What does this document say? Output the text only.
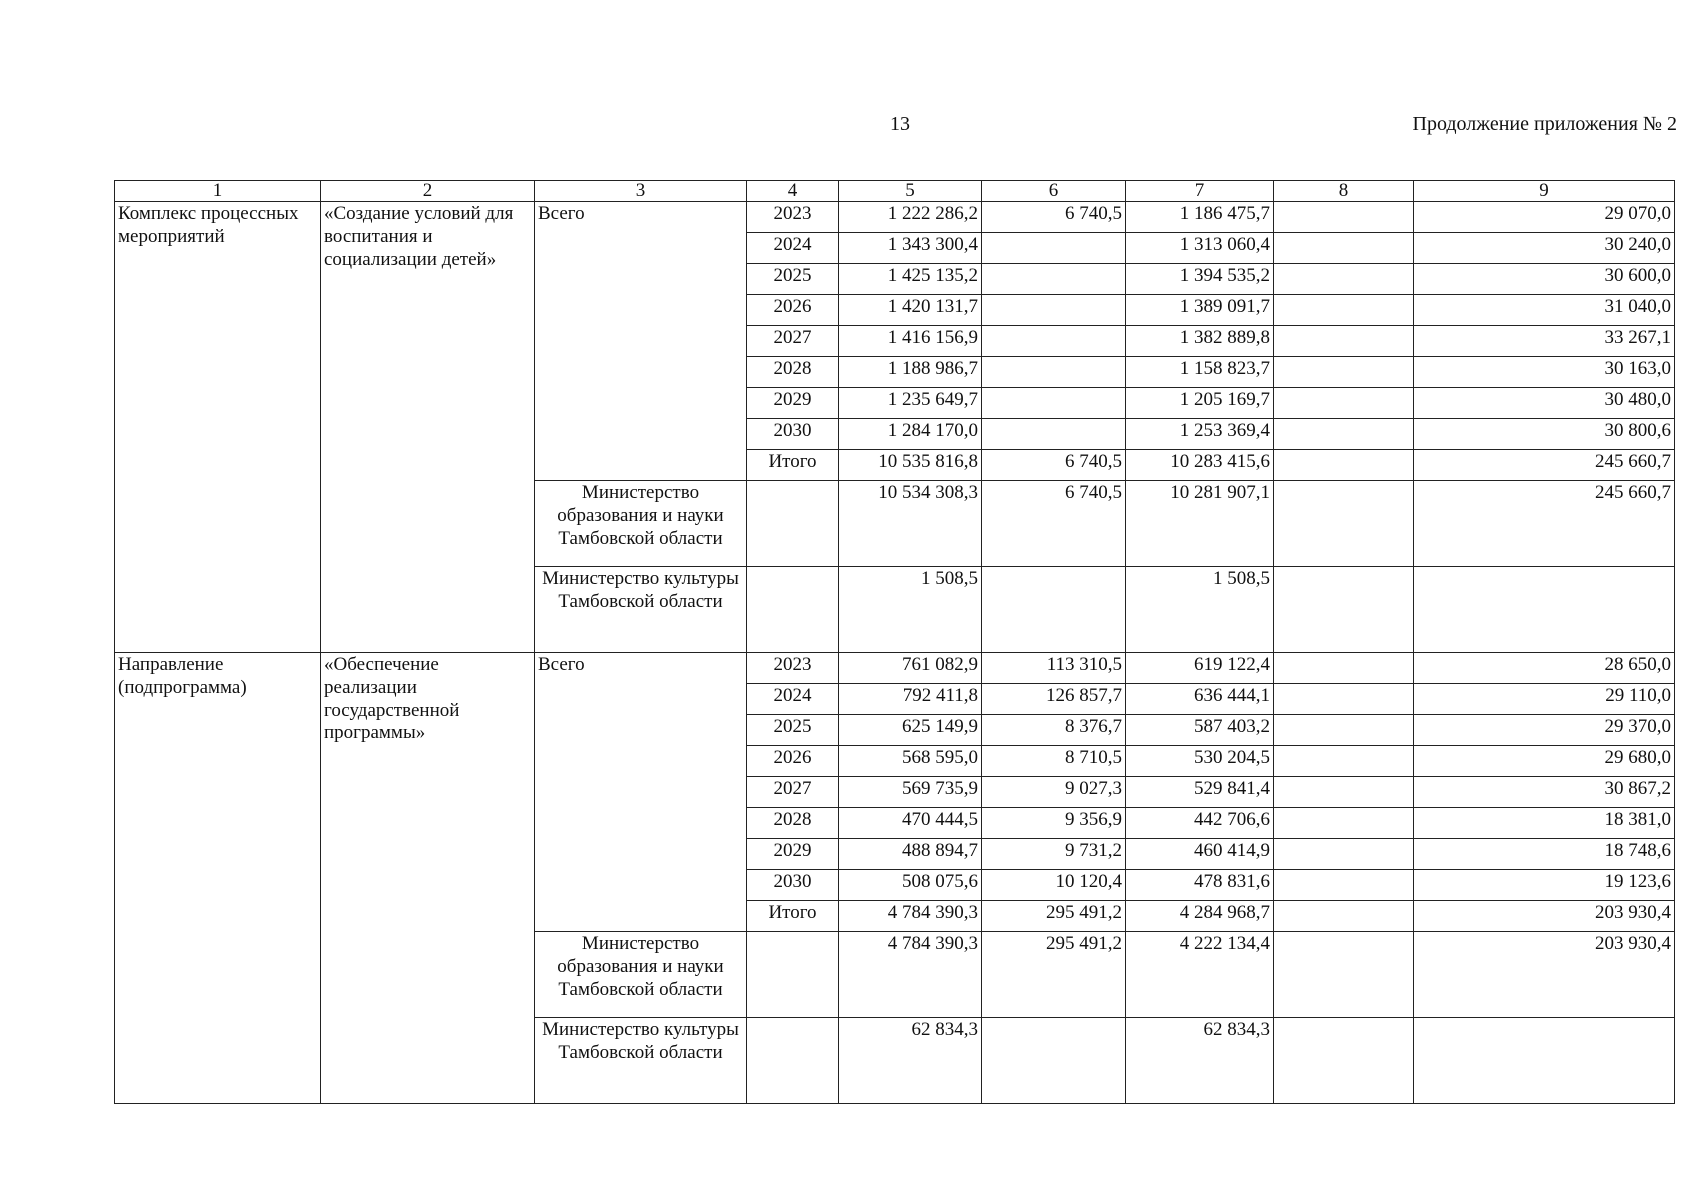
13	Продолжение приложения № 2
1	2	3	4	5	6	7	8	9
Комплекс процессных мероприятий	«Создание условий для воспитания и социализации детей»	Всего	2023	1 222 286,2	6 740,5	1 186 475,7		29 070,0
			2024	1 343 300,4		1 313 060,4		30 240,0
			2025	1 425 135,2		1 394 535,2		30 600,0
			2026	1 420 131,7		1 389 091,7		31 040,0
			2027	1 416 156,9		1 382 889,8		33 267,1
			2028	1 188 986,7		1 158 823,7		30 163,0
			2029	1 235 649,7		1 205 169,7		30 480,0
			2030	1 284 170,0		1 253 369,4		30 800,6
			Итого	10 535 816,8	6 740,5	10 283 415,6		245 660,7
		Министерство образования и науки Тамбовской области		10 534 308,3	6 740,5	10 281 907,1		245 660,7
		Министерство культуры Тамбовской области		1 508,5		1 508,5		
Направление (подпрограмма)	«Обеспечение реализации государственной программы»	Всего	2023	761 082,9	113 310,5	619 122,4		28 650,0
			2024	792 411,8	126 857,7	636 444,1		29 110,0
			2025	625 149,9	8 376,7	587 403,2		29 370,0
			2026	568 595,0	8 710,5	530 204,5		29 680,0
			2027	569 735,9	9 027,3	529 841,4		30 867,2
			2028	470 444,5	9 356,9	442 706,6		18 381,0
			2029	488 894,7	9 731,2	460 414,9		18 748,6
			2030	508 075,6	10 120,4	478 831,6		19 123,6
			Итого	4 784 390,3	295 491,2	4 284 968,7		203 930,4
		Министерство образования и науки Тамбовской области		4 784 390,3	295 491,2	4 222 134,4		203 930,4
		Министерство культуры Тамбовской области		62 834,3		62 834,3		
